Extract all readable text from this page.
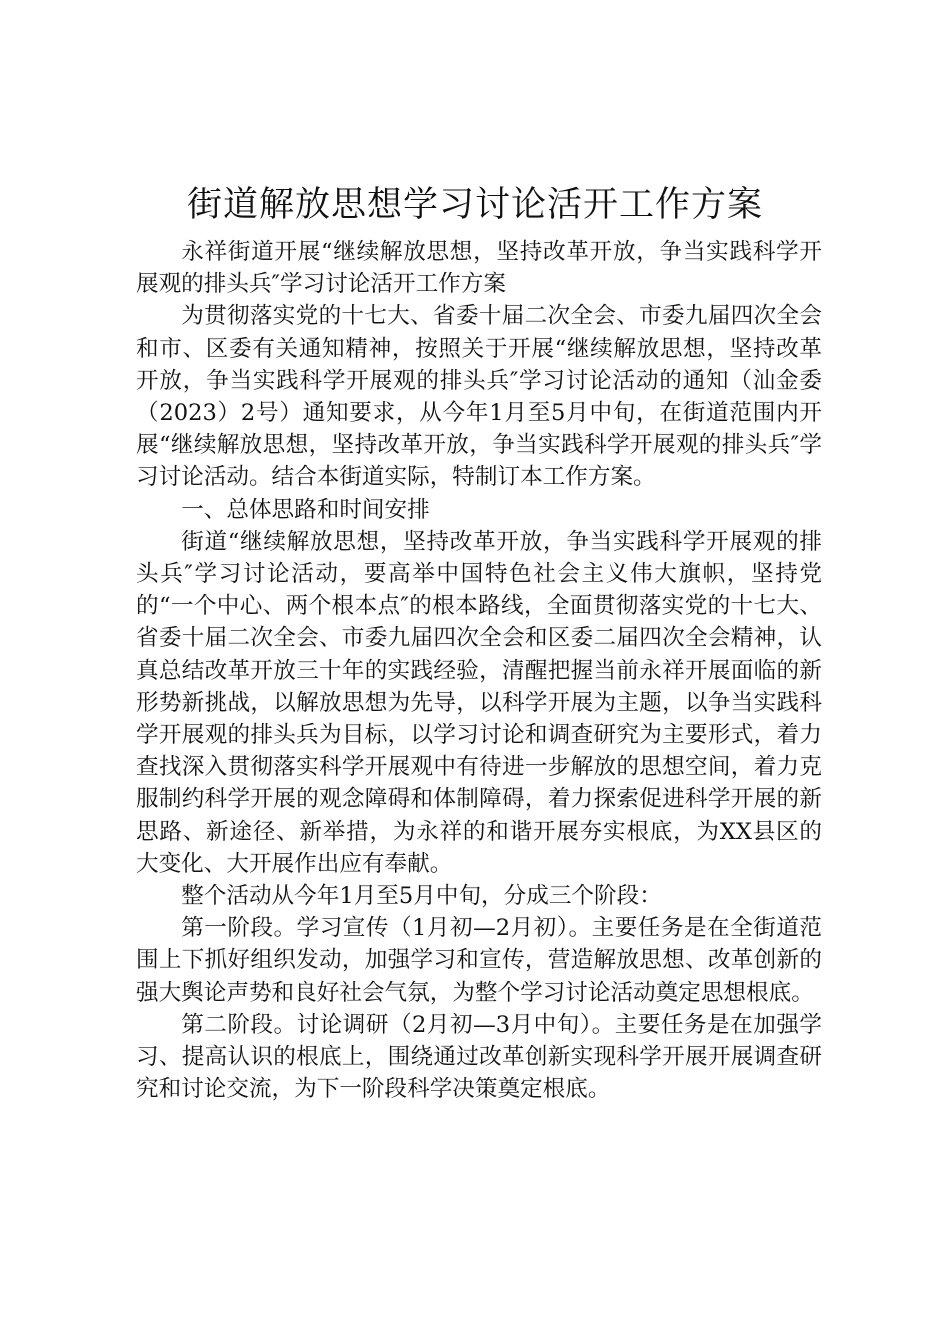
街道解放思想学习讨论活开工作方案

永祥街道开展“继续解放思想，坚持改革开放，争当实践科学开展观的排头兵″学习讨论活开工作方案

为贯彻落实党的十七大、省委十届二次全会、市委九届四次全会和市、区委有关通知精神，按照关于开展“继续解放思想，坚持改革开放，争当实践科学开展观的排头兵″学习讨论活动的通知（汕金委（2023）2号）通知要求，从今年1月至5月中旬，在街道范围内开展“继续解放思想，坚持改革开放，争当实践科学开展观的排头兵″学习讨论活动。结合本街道实际，特制订本工作方案。

一、总体思路和时间安排

街道“继续解放思想，坚持改革开放，争当实践科学开展观的排头兵″学习讨论活动，要高举中国特色社会主义伟大旗帜，坚持党的“一个中心、两个根本点″的根本路线，全面贯彻落实党的十七大、省委十届二次全会、市委九届四次全会和区委二届四次全会精神，认真总结改革开放三十年的实践经验，清醒把握当前永祥开展面临的新形势新挑战，以解放思想为先导，以科学开展为主题，以争当实践科学开展观的排头兵为目标，以学习讨论和调查研究为主要形式，着力查找深入贯彻落实科学开展观中有待进一步解放的思想空间，着力克服制约科学开展的观念障碍和体制障碍，着力探索促进科学开展的新思路、新途径、新举措，为永祥的和谐开展夯实根底，为XX县区的大变化、大开展作出应有奉献。

整个活动从今年1月至5月中旬，分成三个阶段：

第一阶段。学习宣传（1月初—2月初）。主要任务是在全街道范围上下抓好组织发动，加强学习和宣传，营造解放思想、改革创新的强大舆论声势和良好社会气氛，为整个学习讨论活动奠定思想根底。

第二阶段。讨论调研（2月初—3月中旬）。主要任务是在加强学习、提高认识的根底上，围绕通过改革创新实现科学开展开展调查研究和讨论交流，为下一阶段科学决策奠定根底。
